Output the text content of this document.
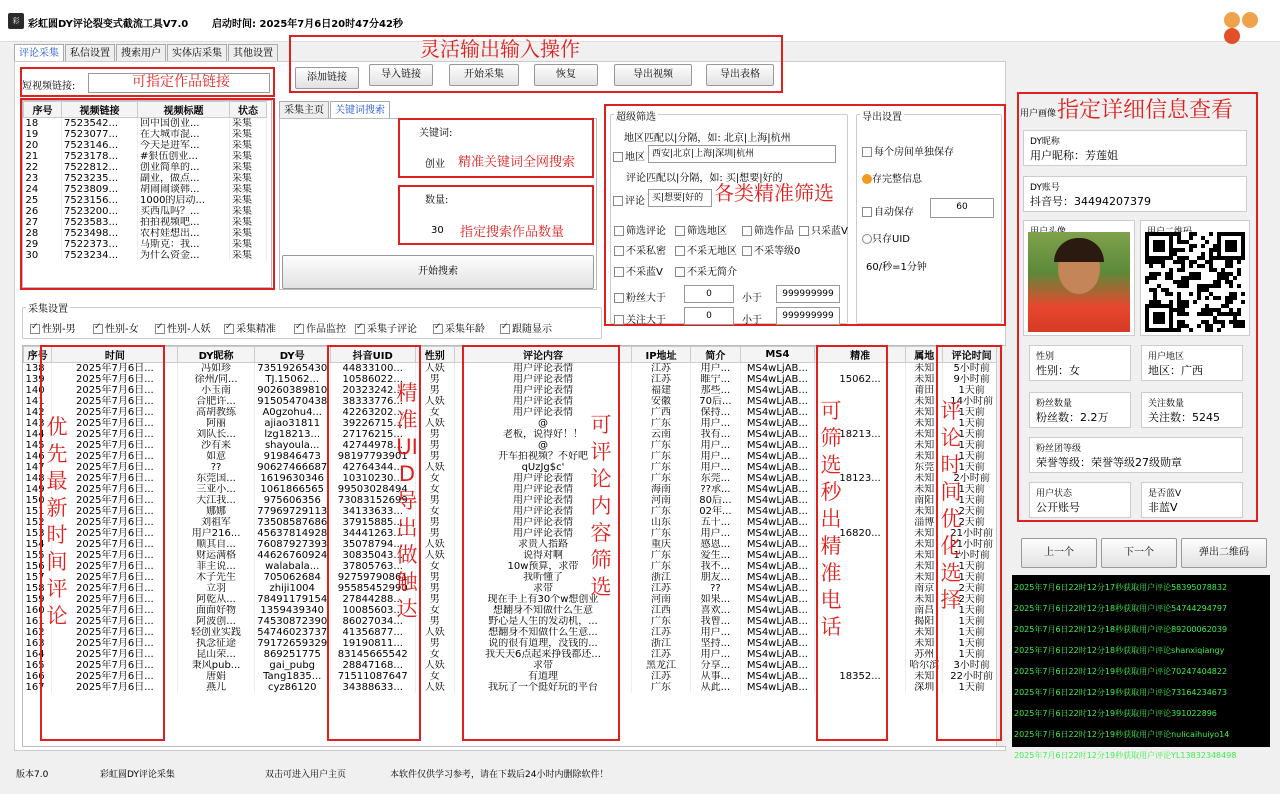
彩 彩虹圆DY评论裂变式截流工具V7.0 启动时间: 2025年7月6日20时47分42秒
评论采集	私信设置	搜索用户	实体店采集	其他设置
短视频链接:	可指定作品链接
灵活输出输入操作
添加链接	导入链接	开始采集	恢复	导出视频	导出表格
序号	视频链接	视频标题	状态
18	7523542...	回中国创业...	采集
19	7523077...	在大城市混...	采集
20	7523146...	今天是进军...	采集
21	7523178...	#狠伍创业...	采集
22	7522812...	创业简单的...	采集
23	7523235...	副业，做点...	采集
24	7523809...	胡闹闹谈韩...	采集
25	7523156...	1000的启动...	采集
26	7523200...	买西瓜吗？...	采集
27	7523583...	拍拍视频吧...	采集
28	7523498...	农村娃想出...	采集
29	7522373...	马斯克：我...	采集
30	7523234...	为什么资金...	采集
采集主页	关键词搜索
关键词:
创业 精准关键词全网搜索
数量:
30 指定搜索作品数量
开始搜索
超级筛选
地区匹配以|分隔，如: 北京|上海|杭州
地区 西安|北京|上海|深圳|杭州
评论匹配以|分隔，如: 买|想要|好的
评论 买|想要|好的 各类精准筛选
筛选评论	筛选地区	筛选作品	只采蓝V
不采私密	不采无地区	不采等级0
不采蓝V	不采无简介
粉丝大于	0	小于	999999999
关注大于	0	小于	999999999
导出设置
每个房间单独保存
存完整信息
自动保存	60
只存UID
60/秒=1分钟
采集设置
✓性别-男 ✓	性别-女 ✓	性别-人妖 ✓	采集精准 ✓	作品监控 ✓	采集子评论 ✓	采集年龄 ✓	跟随显示
序号	时间	DY昵称	DY号	抖音UID	性别	评论内容	IP地址	简介	MS4	精准	属地	评论时间
138	2025年7月6日...	冯如珍	73519265430	44833100...	人妖	用户评论表情	江苏	用户...	MS4wLjAB...		未知	5小时前
139	2025年7月6日...	徐州/同...	TJ.15062...	10586022...	男	用户评论表情	江苏	睢宁...	MS4wLjAB...	15062...	未知	9小时前
140	2025年7月6日...	小玉南	90260389810	20323242...	男	用户评论表情	福建	那些...	MS4wLjAB...		莆田	1天前
141	2025年7月6日...	合肥许...	91505470438	38333776...	人妖	用户评论表情	安徽	70后...	MS4wLjAB...		未知	14小时前
142	2025年7月6日...	高胡教练	A0gzohu4...	42263202...	女	用户评论表情	广西	保持...	MS4wLjAB...		未知	1天前
143	2025年7月6日...	阿丽	ajiao31811	39226715...	人妖	@	广东	用户...	MS4wLjAB...		未知	1天前
144	2025年7月6日...	刘队长...	lzg18213...	27176215...	男	老板，说得好！！	云南	我有...	MS4wLjAB...	18213...	未知	1天前
145	2025年7月6日...	沙有来	shayoula...	42744978...	男	@	广东	用户...	MS4wLjAB...		未知	1天前
146	2025年7月6日...	如意	919846473	98197793901	男	开车拍视频？不好吧	广东	用户...	MS4wLjAB...		未知	1天前
147	2025年7月6日...	??	90627466687	42764344...	人妖	qUzJg$c'	广东	用户...	MS4wLjAB...		东莞	1天前
148	2025年7月6日...	东莞国...	1619630346	10310230...	女	用户评论表情	广东	东莞...	MS4wLjAB...	18123...	未知	2小时前
149	2025年7月6日...	三亚小...	1061866565	99503028494	女	用户评论表情	海南	??承...	MS4wLjAB...		未知	1天前
150	2025年7月6日...	大江我...	975606356	73083152699	男	用户评论表情	河南	80后...	MS4wLjAB...		南阳	1天前
151	2025年7月6日...	娜娜	77969729113	34133633...	女	用户评论表情	广东	02年...	MS4wLjAB...		未知	2天前
152	2025年7月6日...	刘祖军	73508587686	37915885...	男	用户评论表情	山东	五十...	MS4wLjAB...		淄博	2天前
153	2025年7月6日...	用户216...	45637814928	34441263...	男	用户评论表情	广东	用户...	MS4wLjAB...	16820...	未知	21小时前
154	2025年7月6日...	顺其自...	76087927393	35078794...	人妖	求贵人指路	重庆	感恩...	MS4wLjAB...		未知	21小时前
155	2025年7月6日...	财运满格	44626760924	30835043...	人妖	说得对啊	广东	爱生...	MS4wLjAB...		未知	1小时前
156	2025年7月6日...	菲主说...	walabala...	37805763...	女	10w预算，求带	广东	我不...	MS4wLjAB...		未知	1天前
157	2025年7月6日...	木子先生	705062684	92759790861	男	我听懂了	浙江	朋友...	MS4wLjAB...		未知	1天前
158	2025年7月6日...	立羽	zhiji1004	95585452990	男	求带	江苏	??	MS4wLjAB...		南京	2天前
159	2025年7月6日...	阿乾从...	78491179154	27844288...	男	现在手上有30个w想创业	河南	如果...	MS4wLjAB...		未知	2天前
160	2025年7月6日...	面面好物	1359439340	10085603...	女	想翻身不知做什么生意	江西	喜欢...	MS4wLjAB...		南昌	1天前
161	2025年7月6日...	阿波创...	74530872390	86027034...	男	野心是人生的发动机，...	广东	我曾...	MS4wLjAB...		揭阳	1天前
162	2025年7月6日...	轻创业实践	54746023737	41356877...	人妖	想翻身不知做什么生意...	江苏	用户...	MS4wLjAB...		未知	1天前
163	2025年7月6日...	执念征途	79172659329	19190811...	男	说的很有道理，没钱的...	浙江	坚持...	MS4wLjAB...		未知	1天前
164	2025年7月6日...	昆山荣...	869251775	83145665542	女	我天天6点起来挣钱都还...	江苏	用户...	MS4wLjAB...		苏州	1天前
165	2025年7月6日...	秉风pub...	gai_pubg	28847168...	人妖	求带	黑龙江	分享...	MS4wLjAB...		哈尔滨	3小时前
166	2025年7月6日...	唐娟	Tang1835...	71511087647	女	有道理	江苏	从事...	MS4wLjAB...	18352...	未知	22小时前
167	2025年7月6日...	燕儿	cyz86120	34388633...	人妖	我玩了一个挺好玩的平台	广东	从此...	MS4wLjAB...		深圳	1天前
优先最新时间评论
精准UID导出做触达
可评论内容筛选
可筛选秒出精准电话
评论时间优化选择
用户画像 指定详细信息查看
DY昵称
用户昵称：芳莲姐
DY账号
抖音号：34494207379
性别
性别：女
用户地区
地区：广西
粉丝数量
粉丝数：2.2万
关注数量
关注数：5245
粉丝团等级
荣誉等级：荣誉等级27级勋章
用户状态
公开账号
是否蓝V
非蓝V
上一个	下一个	弹出二维码
2025年7月6日22时12分17秒获取用户评论58395078832
2025年7月6日22时12分18秒获取用户评论54744294797
2025年7月6日22时12分18秒获取用户评论89200062039
2025年7月6日22时12分18秒获取用户评论shanxiqiangy
2025年7月6日22时12分19秒获取用户评论70247404822
2025年7月6日22时12分19秒获取用户评论73164234673
2025年7月6日22时12分19秒获取用户评论391022896
2025年7月6日22时12分19秒获取用户评论nulicaihuiyo14
2025年7月6日22时12分19秒获取用户评论YL13832348498
版本7.0	彩虹圆DY评论采集	双击可进入用户主页	本软件仅供学习参考，请在下载后24小时内删除软件！
